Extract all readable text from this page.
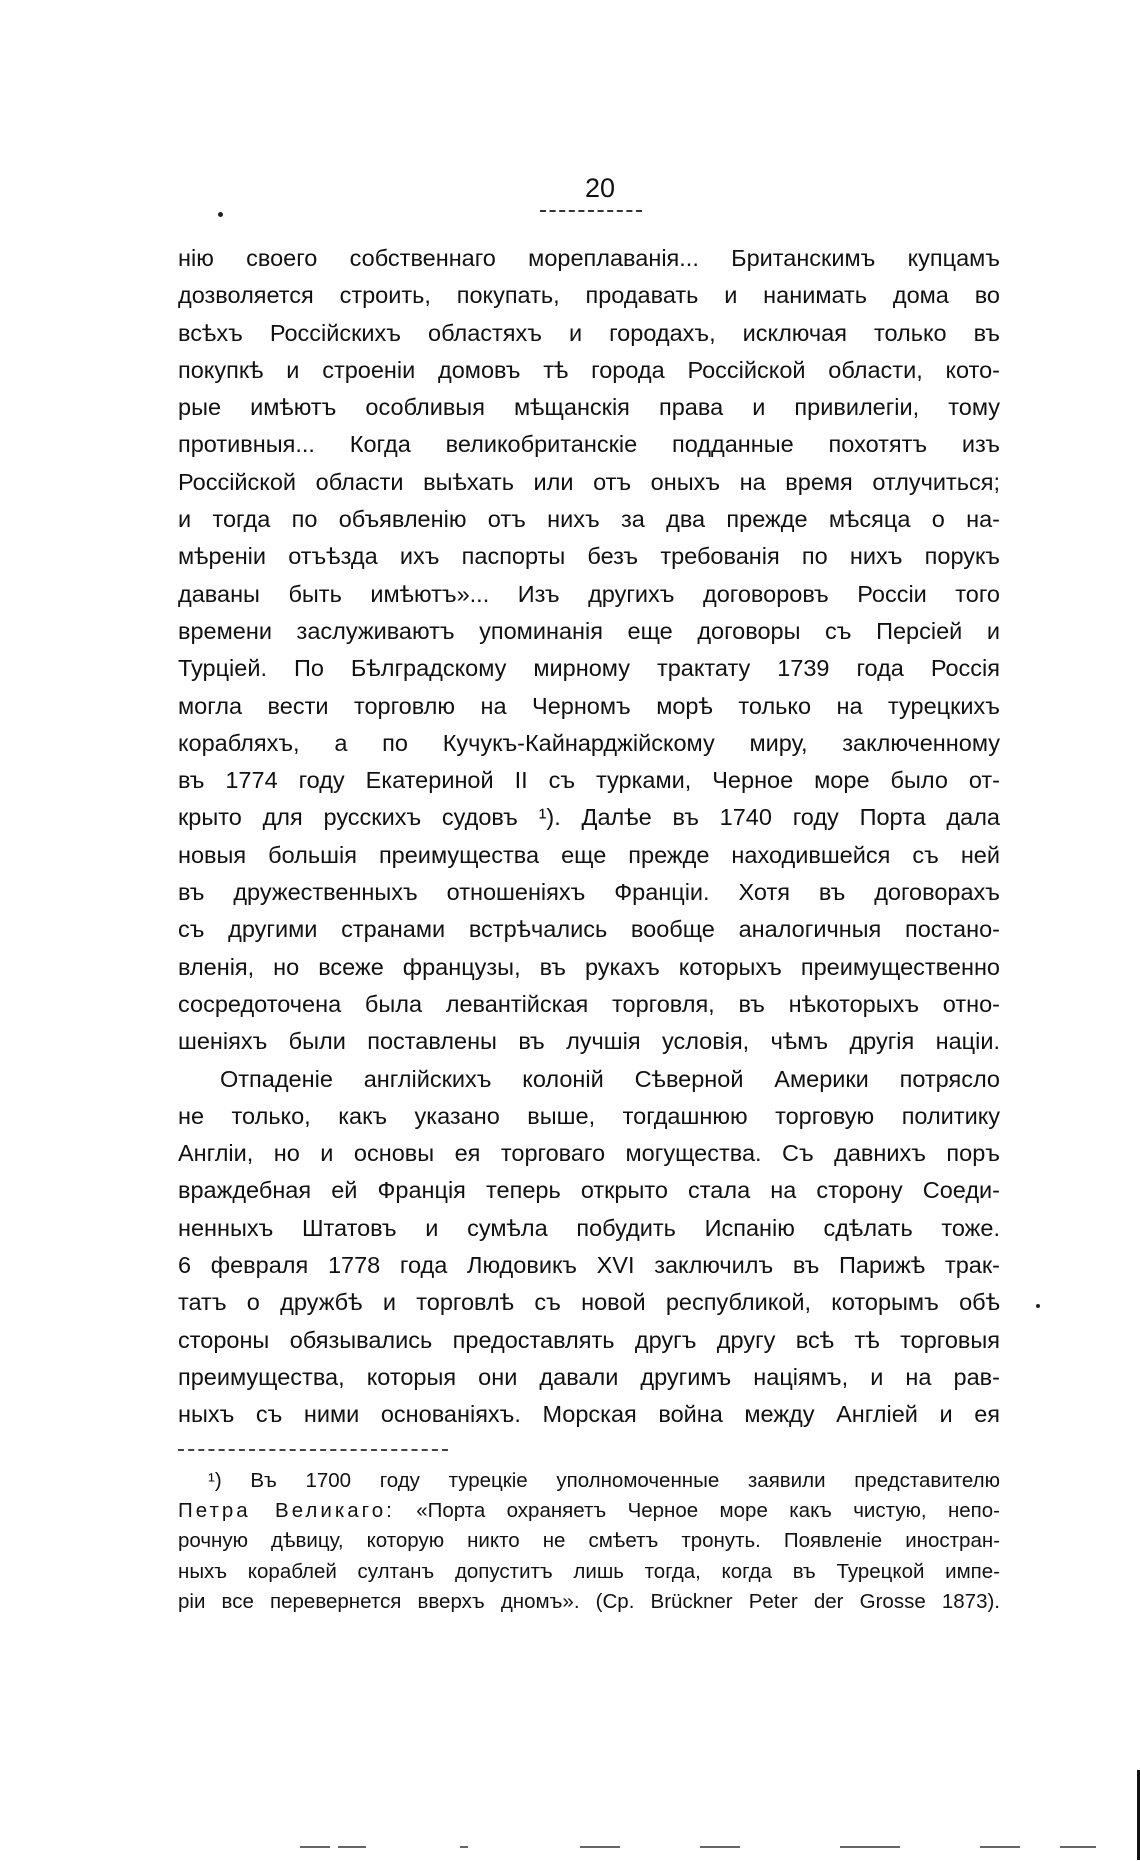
20
нію своего собственнаго мореплаванія... Британскимъ купцамъ
дозволяется строить, покупать, продавать и нанимать дома во
всѣхъ Россійскихъ областяхъ и городахъ, исключая только въ
покупкѣ и строеніи домовъ тѣ города Россійской области, кото-
рые имѣютъ особливыя мѣщанскія права и привилегіи, тому
противныя... Когда великобританскіе подданные похотятъ изъ
Россійской области выѣхать или отъ оныхъ на время отлучиться;
и тогда по объявленію отъ нихъ за два прежде мѣсяца о на-
мѣреніи отъѣзда ихъ паспорты безъ требованія по нихъ порукъ
даваны быть имѣютъ»... Изъ другихъ договоровъ Россіи того
времени заслуживаютъ упоминанія еще договоры съ Персіей и
Турціей. По Бѣлградскому мирному трактату 1739 года Россія
могла вести торговлю на Черномъ морѣ только на турецкихъ
корабляхъ, а по Кучукъ-Кайнарджійскому миру, заключенному
въ 1774 году Екатериной II съ турками, Черное море было от-
крыто для русскихъ судовъ ¹). Далѣе въ 1740 году Порта дала
новыя большія преимущества еще прежде находившейся съ ней
въ дружественныхъ отношеніяхъ Франціи. Хотя въ договорахъ
съ другими странами встрѣчались вообще аналогичныя постано-
вленія, но всеже французы, въ рукахъ которыхъ преимущественно
сосредоточена была левантійская торговля, въ нѣкоторыхъ отно-
шеніяхъ были поставлены въ лучшія условія, чѣмъ другія націи.
Отпаденіе англійскихъ колоній Сѣверной Америки потрясло
не только, какъ указано выше, тогдашнюю торговую политику
Англіи, но и основы ея торговаго могущества. Съ давнихъ поръ
враждебная ей Франція теперь открыто стала на сторону Соеди-
ненныхъ Штатовъ и сумѣла побудить Испанію сдѣлать тоже.
6 февраля 1778 года Людовикъ XVI заключилъ въ Парижѣ трак-
татъ о дружбѣ и торговлѣ съ новой республикой, которымъ обѣ
стороны обязывались предоставлять другъ другу всѣ тѣ торговыя
преимущества, которыя они давали другимъ націямъ, и на рав-
ныхъ съ ними основаніяхъ. Морская война между Англіей и ея
¹) Въ 1700 году турецкіе уполномоченные заявили представителю
Петра Великаго: «Порта охраняетъ Черное море какъ чистую, непо-
рочную дѣвицу, которую никто не смѣетъ тронуть. Появленіе иностран-
ныхъ кораблей султанъ допуститъ лишь тогда, когда въ Турецкой импе-
ріи все перевернется вверхъ дномъ». (Ср. Brückner Peter der Grosse 1873).
